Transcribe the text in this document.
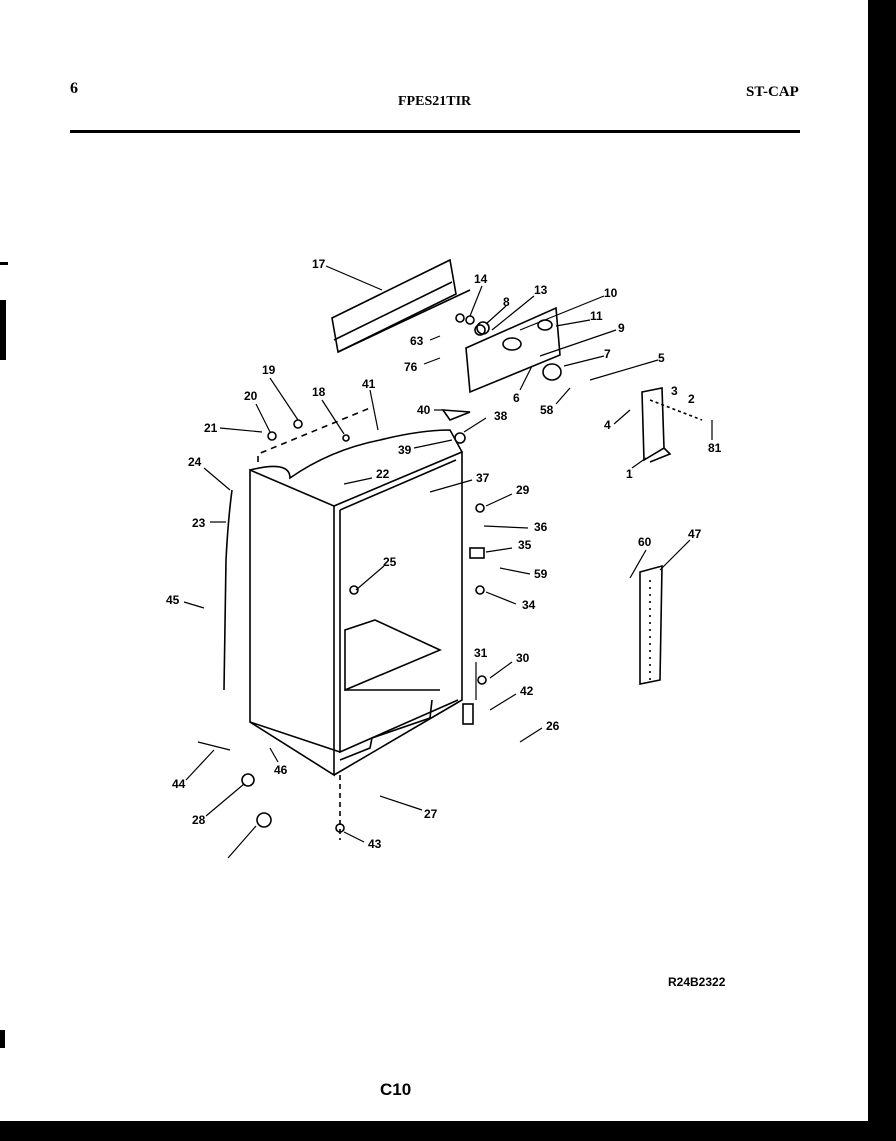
6
FPES21TIR
ST-CAP
17
14
8
13	10
11
9
7	5
63
76
6
58
3
2
4
81
1
19
20
21
18
41
40	38
39
22	37
29
36
35
59
34
24
23
25
45
47
60
31 30
42
26
46
44
28	27
43
R24B2322
C10
